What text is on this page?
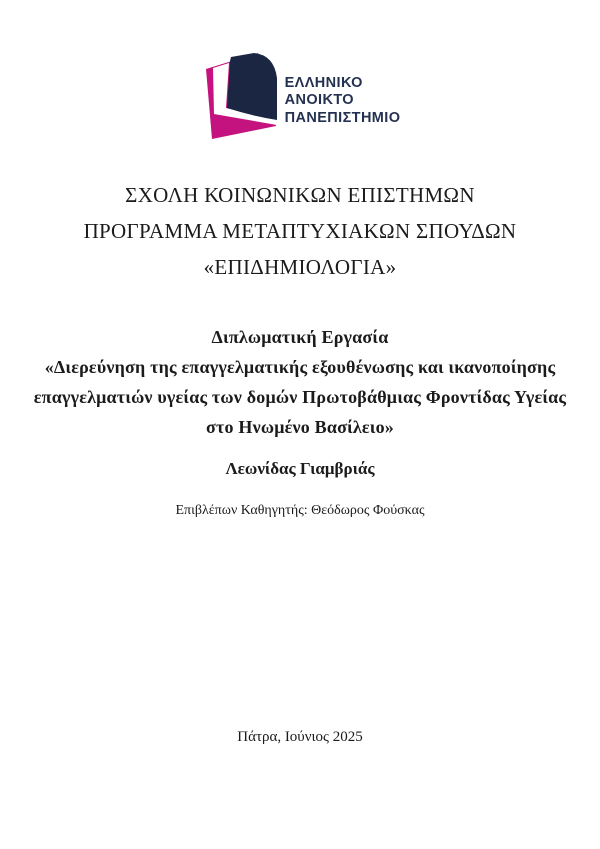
ΕΛΛΗΝΙΚΟ
ΑΝΟΙΚΤΟ
ΠΑΝΕΠΙΣΤΗΜΙΟ
ΣΧΟΛΗ ΚΟΙΝΩΝΙΚΩΝ ΕΠΙΣΤΗΜΩΝ
ΠΡΟΓΡΑΜΜΑ ΜΕΤΑΠΤΥΧΙΑΚΩΝ ΣΠΟΥΔΩΝ
«ΕΠΙΔΗΜΙΟΛΟΓΙΑ»
Διπλωματική Εργασία
«Διερεύνηση της επαγγελματικής εξουθένωσης και ικανοποίησης
επαγγελματιών υγείας των δομών Πρωτοβάθμιας Φροντίδας Υγείας
στο Ηνωμένο Βασίλειο»
Λεωνίδας Γιαμβριάς
Επιβλέπων Καθηγητής: Θεόδωρος Φούσκας
Πάτρα, Ιούνιος 2025
